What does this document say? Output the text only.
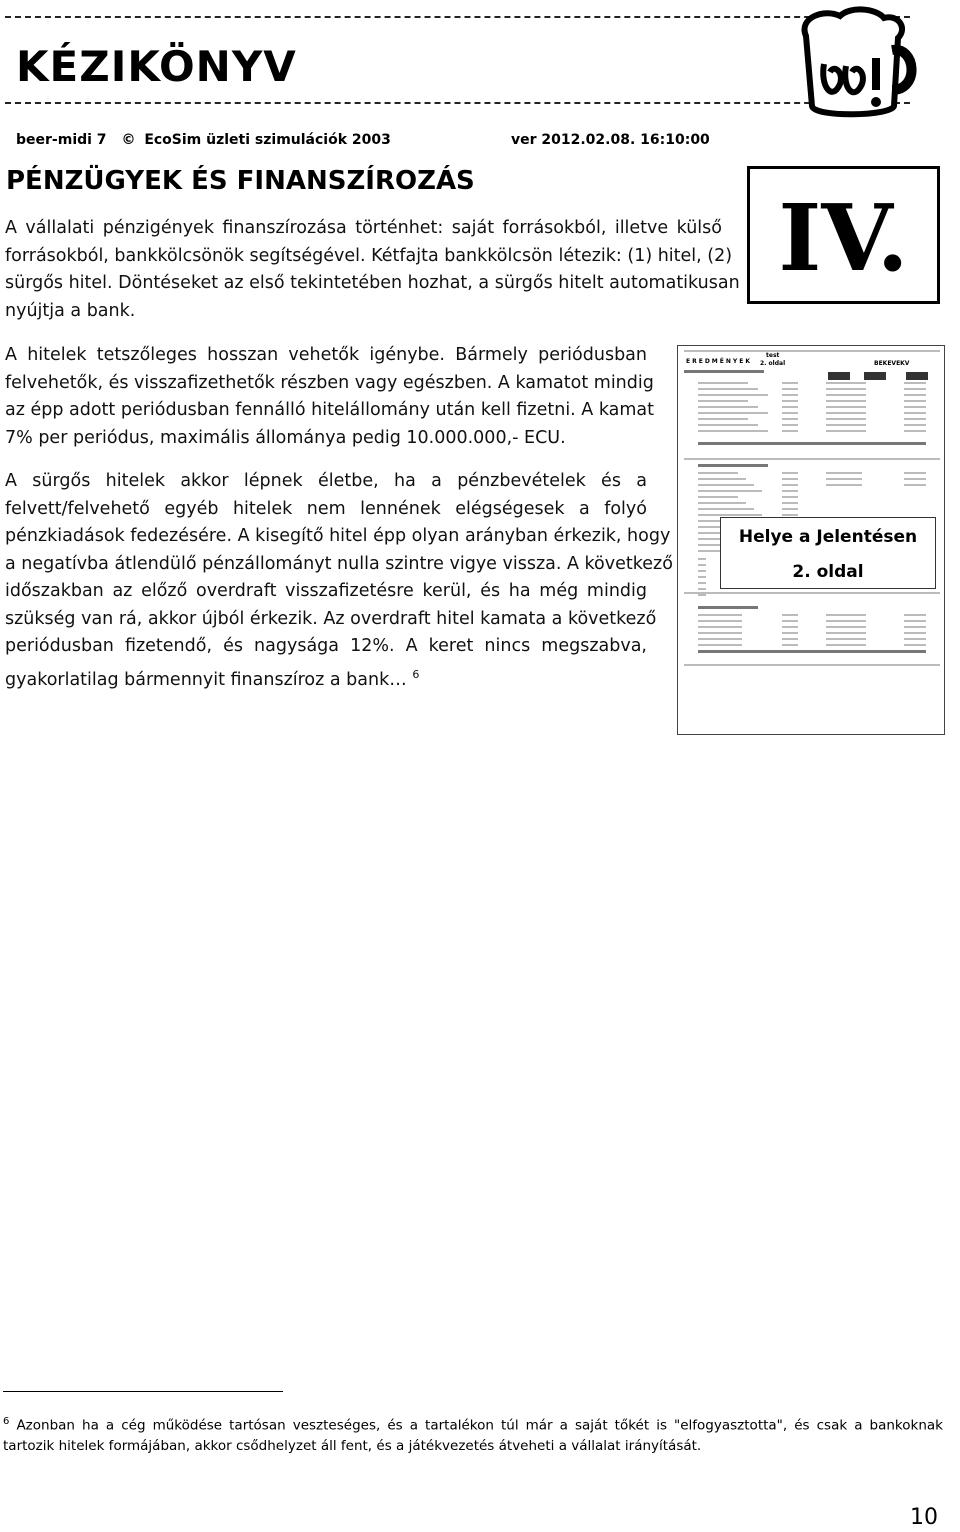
KÉZIKÖNYV
beer-midi 7 © EcoSim üzleti szimulációk 2003	ver 2012.02.08. 16:10:00
PÉNZÜGYEK ÉS FINANSZÍROZÁS
IV.
A vállalati pénzigények finanszírozása történhet: saját forrásokból, illetve külső
forrásokból, bankkölcsönök segítségével. Kétfajta bankkölcsön létezik: (1) hitel, (2)
sürgős hitel. Döntéseket az első tekintetében hozhat, a sürgős hitelt automatikusan
nyújtja a bank.
A hitelek tetszőleges hosszan vehetők igénybe. Bármely periódusban
felvehetők, és visszafizethetők részben vagy egészben. A kamatot mindig
az épp adott periódusban fennálló hitelállomány után kell fizetni. A kamat
7% per periódus, maximális állománya pedig 10.000.000,- ECU.
A sürgős hitelek akkor lépnek életbe, ha a pénzbevételek és a
felvett/felvehető egyéb hitelek nem lennének elégségesek a folyó
pénzkiadások fedezésére. A kisegítő hitel épp olyan arányban érkezik, hogy
a negatívba átlendülő pénzállományt nulla szintre vigye vissza. A következő
időszakban az előző overdraft visszafizetésre kerül, és ha még mindig
szükség van rá, akkor újból érkezik. Az overdraft hitel kamata a következő
periódusban fizetendő, és nagysága 12%. A keret nincs megszabva,
gyakorlatilag bármennyit finanszíroz a bank… $^6$
EREDMÉNYEK
test
2. oldal	BEKEVEKV
Helye a Jelentésen
2. oldal
$^6$ Azonban ha a cég működése tartósan veszteséges, és a tartalékon túl már a saját tőkét is "elfogyasztotta", és csak a bankoknak
tartozik hitelek formájában, akkor csődhelyzet áll fent, és a játékvezetés átveheti a vállalat irányítását.
10
